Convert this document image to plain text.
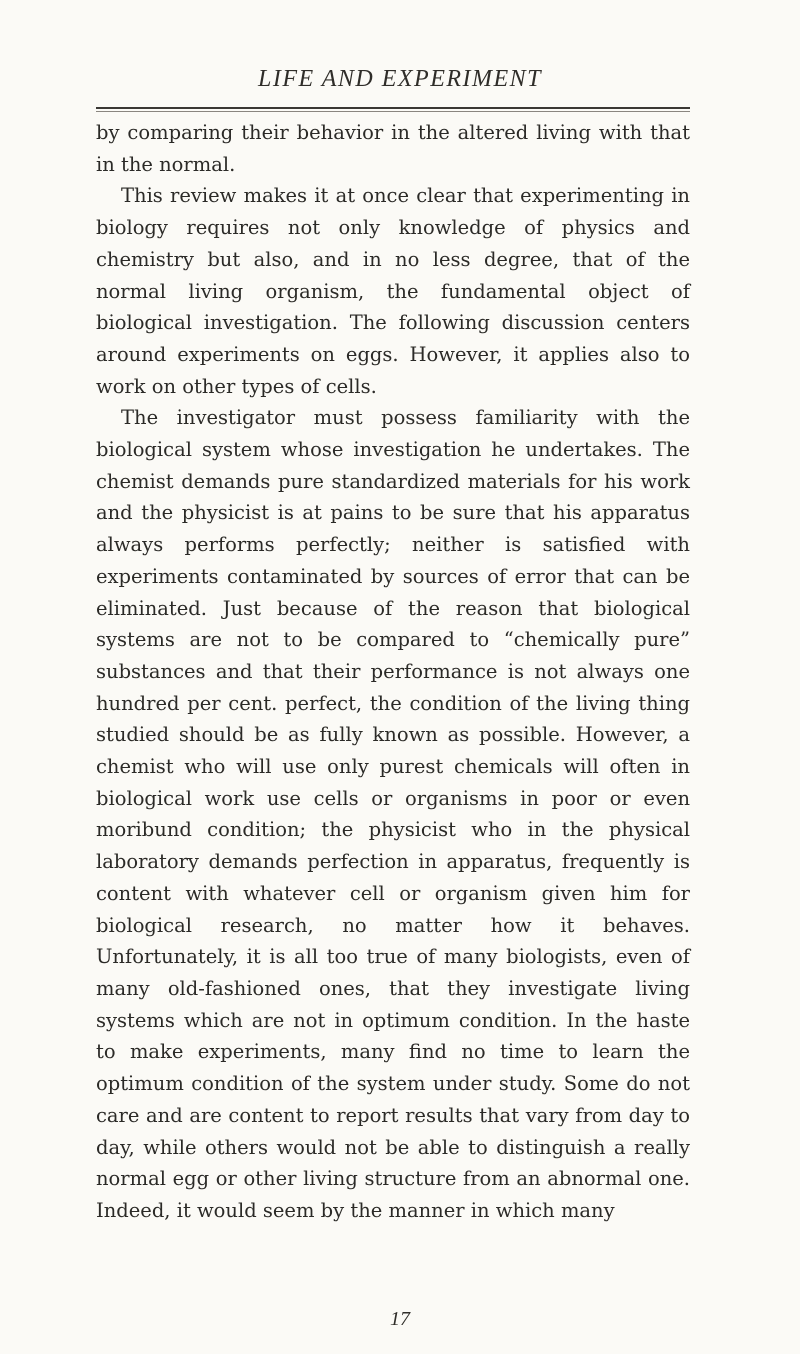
LIFE AND EXPERIMENT

by comparing their behavior in the altered living with that in the normal.

This review makes it at once clear that experimenting in biology requires not only knowledge of physics and chemistry but also, and in no less degree, that of the normal living organism, the fundamental object of biological investigation. The following discussion centers around experiments on eggs. However, it applies also to work on other types of cells.

The investigator must possess familiarity with the biological system whose investigation he undertakes. The chemist demands pure standardized materials for his work and the physicist is at pains to be sure that his apparatus always performs perfectly; neither is satisfied with experiments contaminated by sources of error that can be eliminated. Just because of the reason that biological systems are not to be compared to “chemically pure” substances and that their performance is not always one hundred per cent. perfect, the condition of the living thing studied should be as fully known as possible. However, a chemist who will use only purest chemicals will often in biological work use cells or organisms in poor or even moribund condition; the physicist who in the physical laboratory demands perfection in apparatus, frequently is content with whatever cell or organism given him for biological research, no matter how it behaves. Unfortunately, it is all too true of many biologists, even of many old-fashioned ones, that they investigate living systems which are not in optimum condition. In the haste to make experiments, many find no time to learn the optimum condition of the system under study. Some do not care and are content to report results that vary from day to day, while others would not be able to distinguish a really normal egg or other living structure from an abnormal one. Indeed, it would seem by the manner in which many

17
